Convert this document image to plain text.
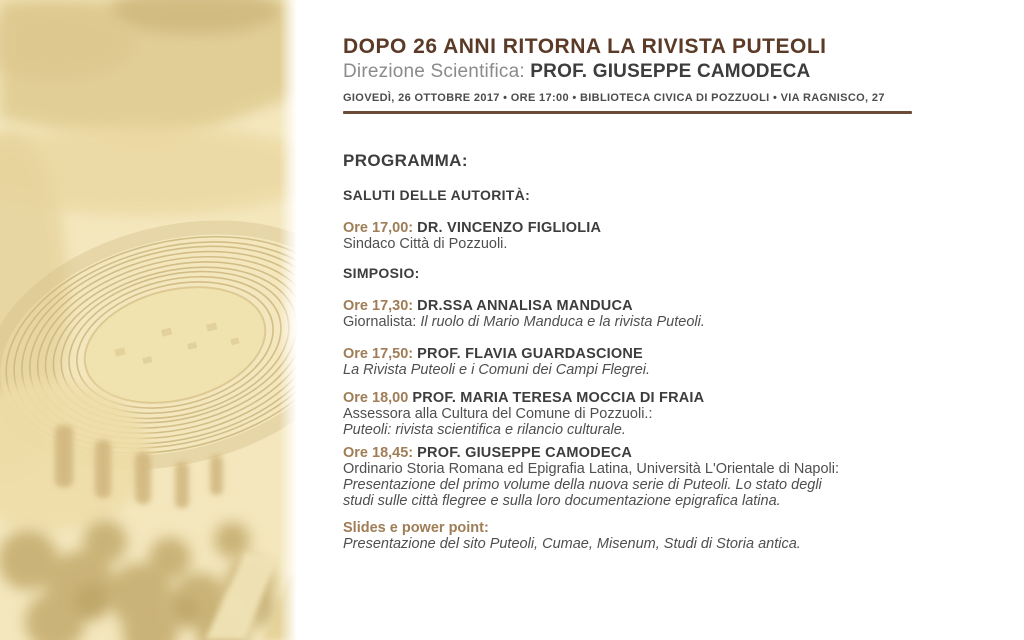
DOPO 26 ANNI RITORNA LA RIVISTA PUTEOLI
Direzione Scientifica: PROF. GIUSEPPE CAMODECA
GIOVEDÌ, 26 OTTOBRE 2017 • ORE 17:00 • BIBLIOTECA CIVICA DI POZZUOLI • VIA RAGNISCO, 27
PROGRAMMA:
SALUTI DELLE AUTORITÀ:
Ore 17,00: DR. VINCENZO FIGLIOLIA
Sindaco Città di Pozzuoli.
SIMPOSIO:
Ore 17,30: DR.SSA ANNALISA MANDUCA
Giornalista: Il ruolo di Mario Manduca e la rivista Puteoli.
Ore 17,50: PROF. FLAVIA GUARDASCIONE
La Rivista Puteoli e i Comuni dei Campi Flegrei.
Ore 18,00 PROF. MARIA TERESA MOCCIA DI FRAIA
Assessora alla Cultura del Comune di Pozzuoli.:
Puteoli: rivista scientifica e rilancio culturale.
Ore 18,45: PROF. GIUSEPPE CAMODECA
Ordinario Storia Romana ed Epigrafia Latina, Università L'Orientale di Napoli:
Presentazione del primo volume della nuova serie di Puteoli. Lo stato degli
studi sulle città flegree e sulla loro documentazione epigrafica latina.
Slides e power point:
Presentazione del sito Puteoli, Cumae, Misenum, Studi di Storia antica.
